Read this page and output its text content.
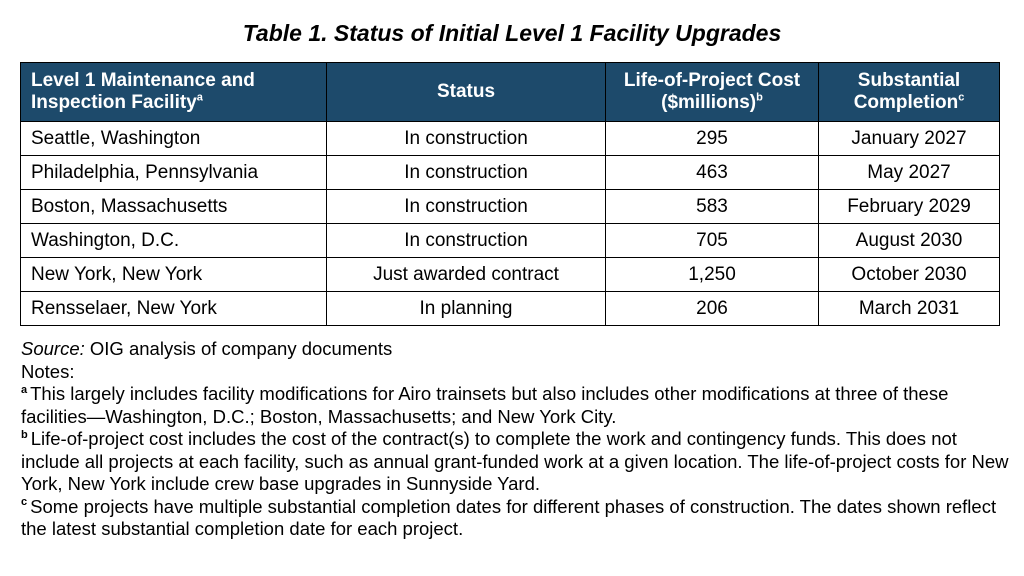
Table 1. Status of Initial Level 1 Facility Upgrades
Level 1 Maintenance and Inspection Facility$^a$	Status	Life-of-Project Cost ($millions)$^b$	Substantial Completion$^c$
Seattle, Washington	In construction	295	January 2027
Philadelphia, Pennsylvania	In construction	463	May 2027
Boston, Massachusetts	In construction	583	February 2029
Washington, D.C.	In construction	705	August 2030
New York, New York	Just awarded contract	1,250	October 2030
Rensselaer, New York	In planning	206	March 2031

Source: OIG analysis of company documents

Notes:

$^a$ This largely includes facility modifications for Airo trainsets but also includes other modifications at three of these facilities—Washington, D.C.; Boston, Massachusetts; and New York City.

$^b$ Life-of-project cost includes the cost of the contract(s) to complete the work and contingency funds. This does not include all projects at each facility, such as annual grant-funded work at a given location. The life-of-project costs for New York, New York include crew base upgrades in Sunnyside Yard.

$^c$ Some projects have multiple substantial completion dates for different phases of construction. The dates shown reflect the latest substantial completion date for each project.
